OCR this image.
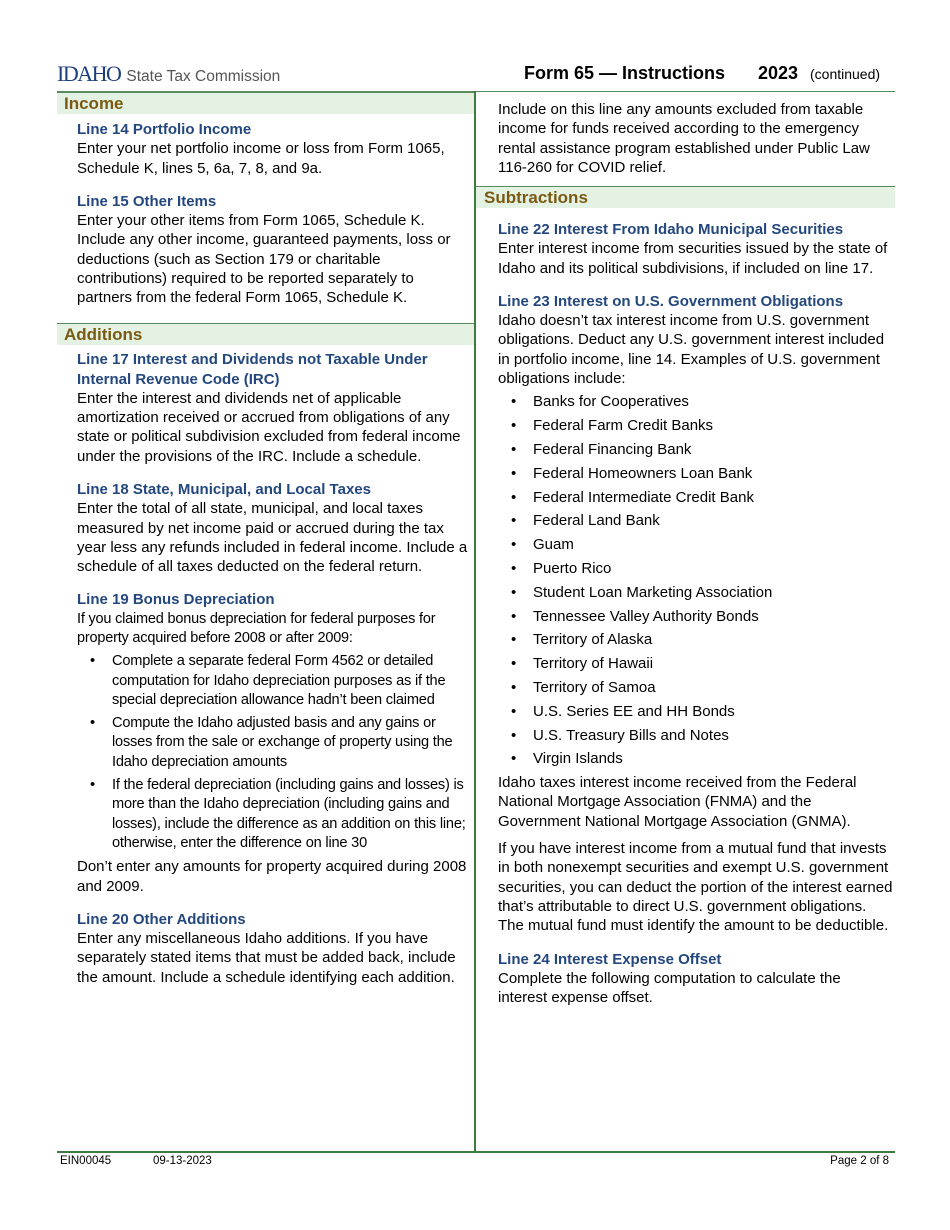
IDAHO State Tax Commission	Form 65 — Instructions 2023 (continued)
Income
Line 14 Portfolio Income
Enter your net portfolio income or loss from Form 1065, Schedule K, lines 5, 6a, 7, 8, and 9a.
Line 15 Other Items
Enter your other items from Form 1065, Schedule K. Include any other income, guaranteed payments, loss or deductions (such as Section 179 or charitable contributions) required to be reported separately to partners from the federal Form 1065, Schedule K.
Additions
Line 17 Interest and Dividends not Taxable Under Internal Revenue Code (IRC)
Enter the interest and dividends net of applicable amortization received or accrued from obligations of any state or political subdivision excluded from federal income under the provisions of the IRC. Include a schedule.
Line 18 State, Municipal, and Local Taxes
Enter the total of all state, municipal, and local taxes measured by net income paid or accrued during the tax year less any refunds included in federal income. Include a schedule of all taxes deducted on the federal return.
Line 19 Bonus Depreciation
If you claimed bonus depreciation for federal purposes for property acquired before 2008 or after 2009:
• Complete a separate federal Form 4562 or detailed computation for Idaho depreciation purposes as if the special depreciation allowance hadn’t been claimed
• Compute the Idaho adjusted basis and any gains or losses from the sale or exchange of property using the Idaho depreciation amounts
• If the federal depreciation (including gains and losses) is more than the Idaho depreciation (including gains and losses), include the difference as an addition on this line; otherwise, enter the difference on line 30
Don’t enter any amounts for property acquired during 2008 and 2009.
Line 20 Other Additions
Enter any miscellaneous Idaho additions. If you have separately stated items that must be added back, include the amount. Include a schedule identifying each addition.
Include on this line any amounts excluded from taxable income for funds received according to the emergency rental assistance program established under Public Law 116-260 for COVID relief.
Subtractions
Line 22 Interest From Idaho Municipal Securities
Enter interest income from securities issued by the state of Idaho and its political subdivisions, if included on line 17.
Line 23 Interest on U.S. Government Obligations
Idaho doesn’t tax interest income from U.S. government obligations. Deduct any U.S. government interest included in portfolio income, line 14. Examples of U.S. government obligations include:
• Banks for Cooperatives
• Federal Farm Credit Banks
• Federal Financing Bank
• Federal Homeowners Loan Bank
• Federal Intermediate Credit Bank
• Federal Land Bank
• Guam
• Puerto Rico
• Student Loan Marketing Association
• Tennessee Valley Authority Bonds
• Territory of Alaska
• Territory of Hawaii
• Territory of Samoa
• U.S. Series EE and HH Bonds
• U.S. Treasury Bills and Notes
• Virgin Islands
Idaho taxes interest income received from the Federal National Mortgage Association (FNMA) and the Government National Mortgage Association (GNMA).
If you have interest income from a mutual fund that invests in both nonexempt securities and exempt U.S. government securities, you can deduct the portion of the interest earned that’s attributable to direct U.S. government obligations. The mutual fund must identify the amount to be deductible.
Line 24 Interest Expense Offset
Complete the following computation to calculate the interest expense offset.
EIN00045	09-13-2023	Page 2 of 8
